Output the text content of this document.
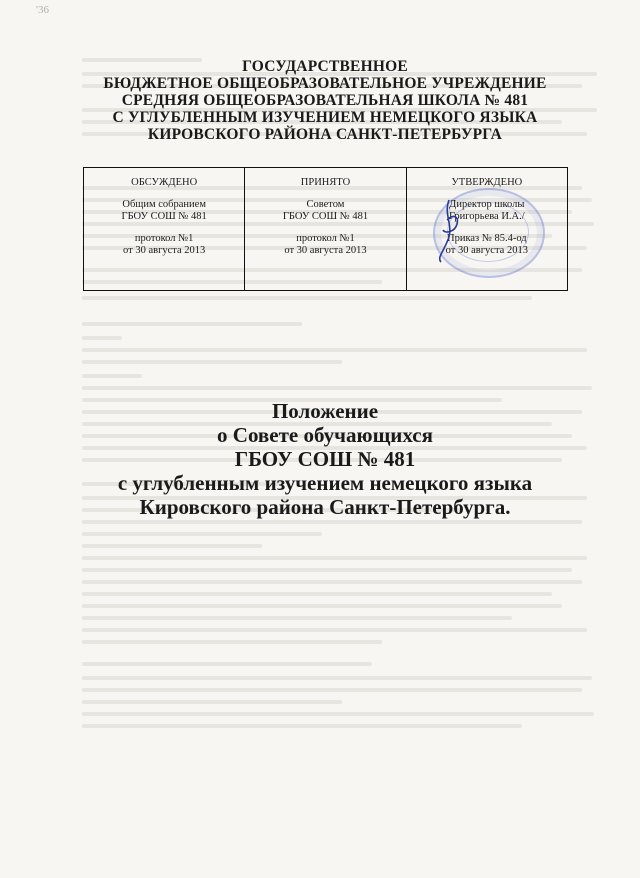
'36
ГОСУДАРСТВЕННОЕ
БЮДЖЕТНОЕ ОБЩЕОБРАЗОВАТЕЛЬНОЕ УЧРЕЖДЕНИЕ
СРЕДНЯЯ ОБЩЕОБРАЗОВАТЕЛЬНАЯ ШКОЛА № 481
С УГЛУБЛЕННЫМ ИЗУЧЕНИЕМ НЕМЕЦКОГО ЯЗЫКА
КИРОВСКОГО РАЙОНА САНКТ-ПЕТЕРБУРГА
ОБСУЖДЕНО
Общим собранием
ГБОУ СОШ № 481
протокол №1
от 30 августа 2013
ПРИНЯТО
Советом
ГБОУ СОШ № 481
протокол №1
от 30 августа 2013
УТВЕРЖДЕНО
Директор школы
Григорьева И.А./
Приказ № 85.4-од
от 30 августа 2013
Положение
о Совете обучающихся
ГБОУ СОШ № 481
с углубленным изучением немецкого языка
Кировского района Санкт-Петербурга.
